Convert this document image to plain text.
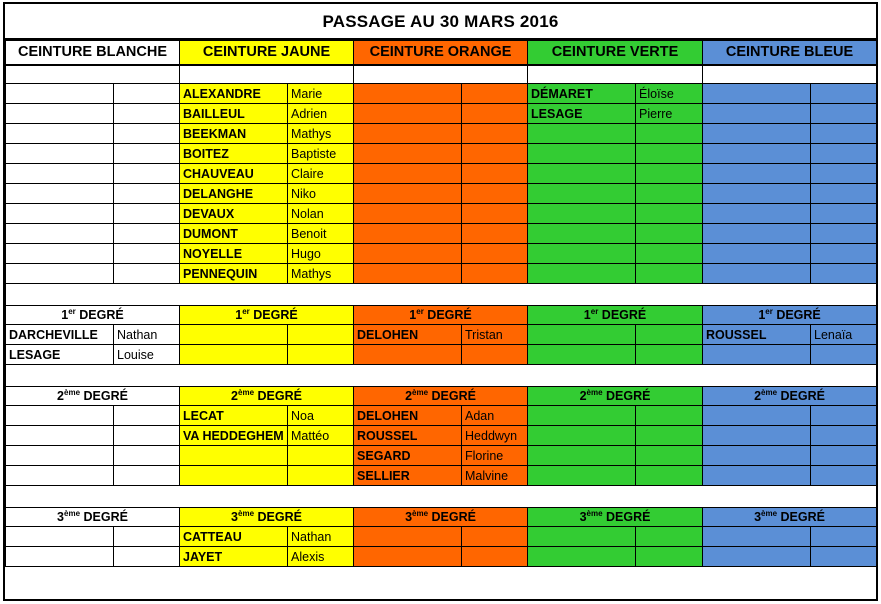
PASSAGE AU 30 MARS 2016
CEINTURE BLANCHE		CEINTURE JAUNE		CEINTURE ORANGE		CEINTURE VERTE		CEINTURE BLEUE	

		ALEXANDRE	Marie			DÉMARET	Éloïse		
		BAILLEUL	Adrien			LESAGE	Pierre		
		BEEKMAN	Mathys						
		BOITEZ	Baptiste						
		CHAUVEAU	Claire						
		DELANGHE	Niko						
		DEVAUX	Nolan						
		DUMONT	Benoit						
		NOYELLE	Hugo						
		PENNEQUIN	Mathys						

1er DEGRÉ		1er DEGRÉ		1er DEGRÉ		1er DEGRÉ		1er DEGRÉ	
DARCHEVILLE	Nathan			DELOHEN	Tristan			ROUSSEL	Lenaïa
LESAGE	Louise								

2ème DEGRÉ		2ème DEGRÉ		2ème DEGRÉ		2ème DEGRÉ		2ème DEGRÉ	
		LECAT	Noa	DELOHEN	Adan				
		VA HEDDEGHEM	Mattéo	ROUSSEL	Heddwyn				
				SEGARD	Florine				
				SELLIER	Malvine				

3ème DEGRÉ		3ème DEGRÉ		3ème DEGRÉ		3ème DEGRÉ		3ème DEGRÉ	
		CATTEAU	Nathan						
		JAYET	Alexis						
